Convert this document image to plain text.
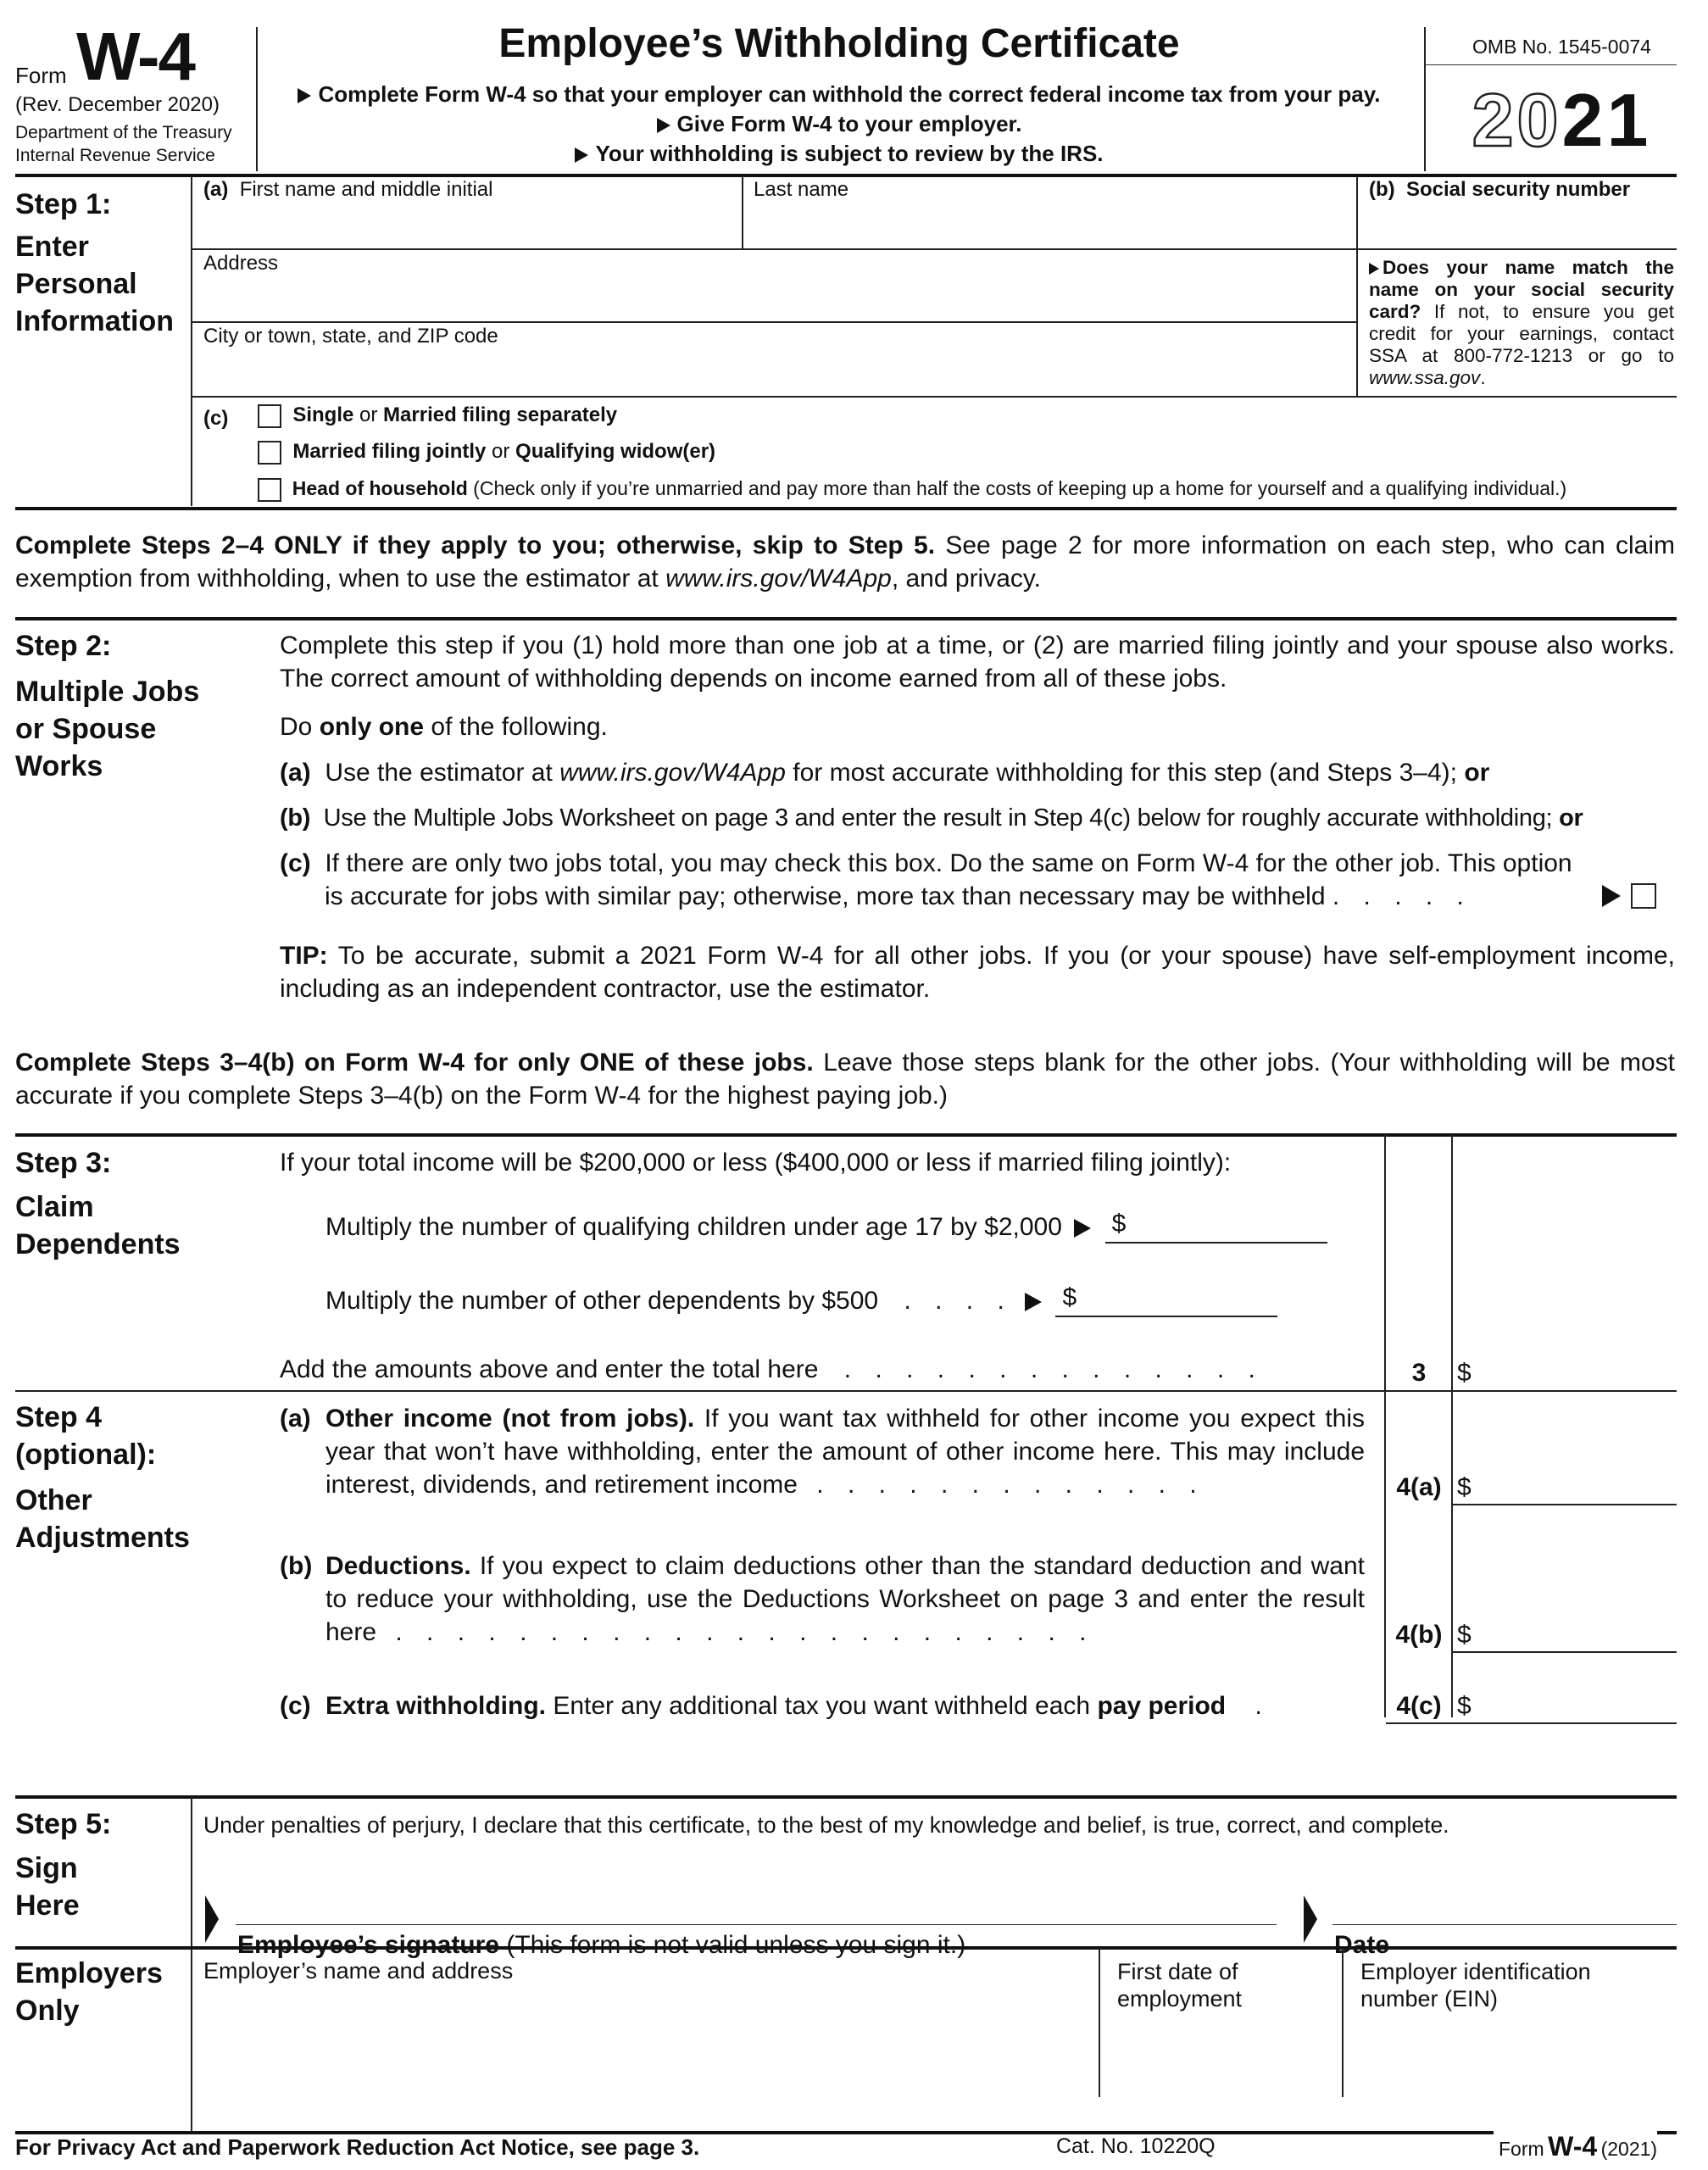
Form W-4
(Rev. December 2020)
Department of the Treasury
Internal Revenue Service
Employee’s Withholding Certificate
Complete Form W-4 so that your employer can withhold the correct federal income tax from your pay.
Give Form W-4 to your employer.
Your withholding is subject to review by the IRS.
OMB No. 1545-0074
2021
Step 1:
Enter Personal Information
(a) First name and middle initial	Last name	(b) Social security number
Address
City or town, state, and ZIP code
Does your name match the name on your social security card? If not, to ensure you get credit for your earnings, contact SSA at 800-772-1213 or go to www.ssa.gov.
(c)	Single or Married filing separately
Married filing jointly or Qualifying widow(er)
Head of household (Check only if you’re unmarried and pay more than half the costs of keeping up a home for yourself and a qualifying individual.)
Complete Steps 2–4 ONLY if they apply to you; otherwise, skip to Step 5. See page 2 for more information on each step, who can claim exemption from withholding, when to use the estimator at www.irs.gov/W4App, and privacy.
Step 2:
Multiple Jobs or Spouse Works
Complete this step if you (1) hold more than one job at a time, or (2) are married filing jointly and your spouse also works. The correct amount of withholding depends on income earned from all of these jobs.
Do only one of the following.
(a) Use the estimator at www.irs.gov/W4App for most accurate withholding for this step (and Steps 3–4); or
(b) Use the Multiple Jobs Worksheet on page 3 and enter the result in Step 4(c) below for roughly accurate withholding; or
(c) If there are only two jobs total, you may check this box. Do the same on Form W-4 for the other job. This option
is accurate for jobs with similar pay; otherwise, more tax than necessary may be withheld . . . . .

TIP: To be accurate, submit a 2021 Form W-4 for all other jobs. If you (or your spouse) have self-employment income, including as an independent contractor, use the estimator.
Complete Steps 3–4(b) on Form W-4 for only ONE of these jobs. Leave those steps blank for the other jobs. (Your withholding will be most accurate if you complete Steps 3–4(b) on the Form W-4 for the highest paying job.)
Step 3:
Claim Dependents
If your total income will be $200,000 or less ($400,000 or less if married filing jointly):
Multiply the number of qualifying children under age 17 by $2,000 $
Multiply the number of other dependents by $500 . . . . $
Add the amounts above and enter the total here . . . . . . . . . . . . . .	3	$
Step 4 (optional):
Other Adjustments
(a) Other income (not from jobs). If you want tax withheld for other income you expect this year that won’t have withholding, enter the amount of other income here. This may include interest, dividends, and retirement income . . . . . . . . . . . . .	4(a) $
(b) Deductions. If you expect to claim deductions other than the standard deduction and want to reduce your withholding, use the Deductions Worksheet on page 3 and enter the result here . . . . . . . . . . . . . . . . . . . . . . .	4(b) $
(c) Extra withholding. Enter any additional tax you want withheld each pay period .	4(c) $
Step 5:
Sign Here
Under penalties of perjury, I declare that this certificate, to the best of my knowledge and belief, is true, correct, and complete.
Employee’s signature (This form is not valid unless you sign it.)	Date
Employers Only
Employer’s name and address	First date of employment
Employer identification number (EIN)
For Privacy Act and Paperwork Reduction Act Notice, see page 3.	Cat. No. 10220Q	Form W-4 (2021)
